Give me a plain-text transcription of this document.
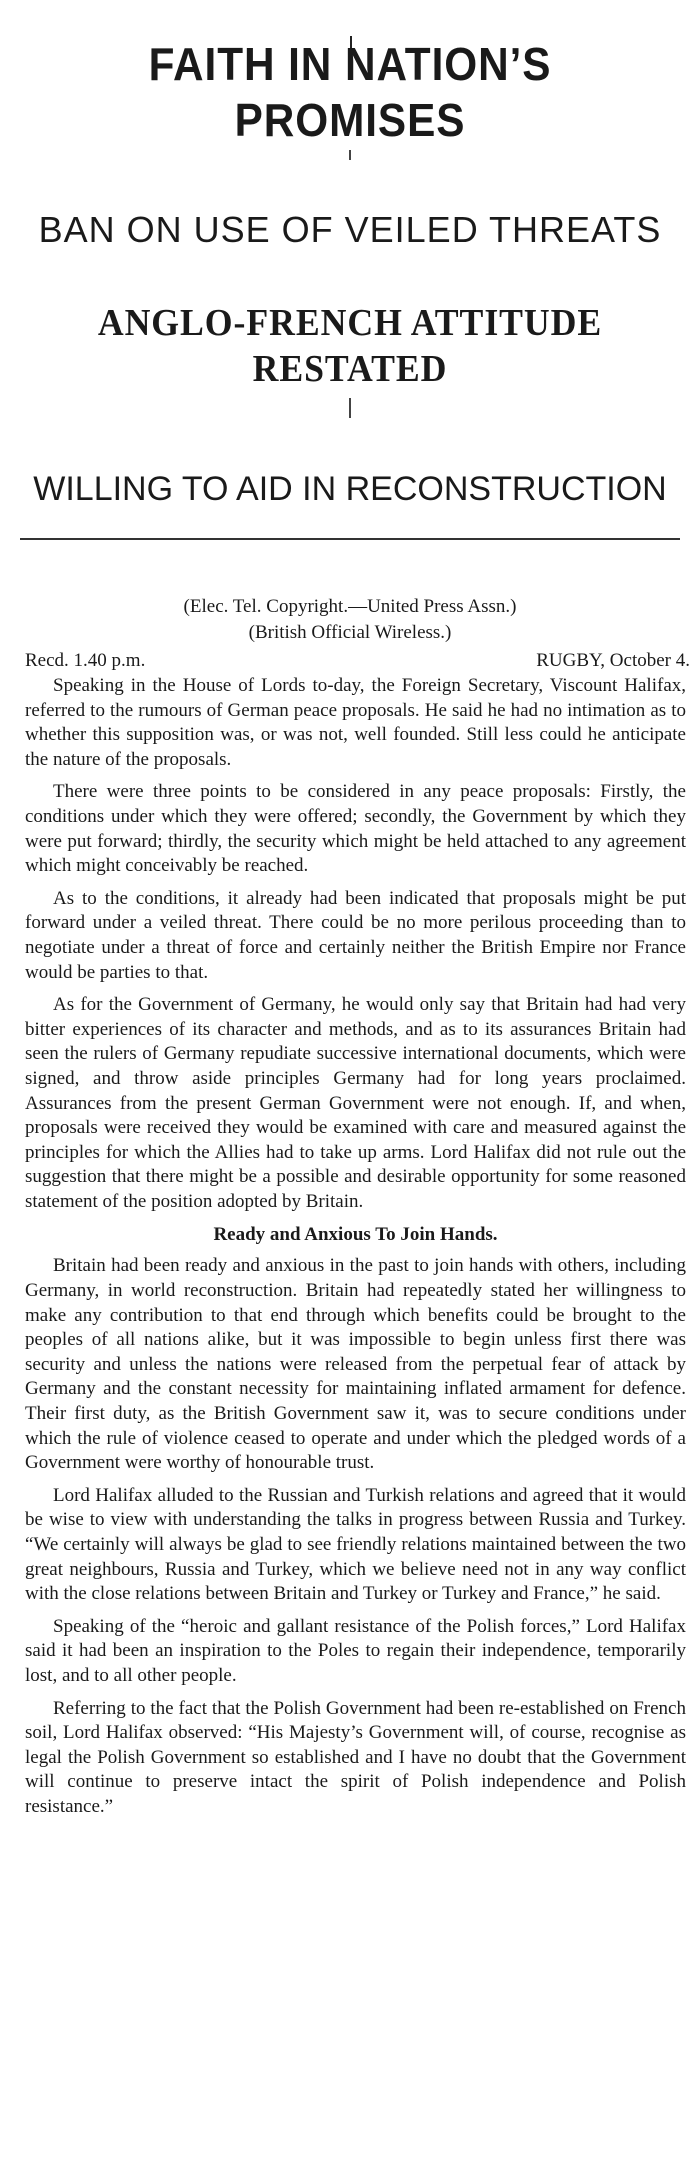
FAITH IN NATION’S PROMISES
BAN ON USE OF VEILED THREATS
ANGLO-FRENCH ATTITUDE RESTATED
WILLING TO AID IN RECONSTRUCTION
(Elec. Tel. Copyright.—United Press Assn.)
(British Official Wireless.)
Recd. 1.40 p.m.	RUGBY, October 4.

Speaking in the House of Lords to-day, the Foreign Secretary, Viscount Halifax, referred to the rumours of German peace proposals. He said he had no intimation as to whether this supposition was, or was not, well founded. Still less could he anticipate the nature of the proposals.

There were three points to be considered in any peace proposals: Firstly, the conditions under which they were offered; secondly, the Government by which they were put forward; thirdly, the security which might be held attached to any agreement which might conceivably be reached.

As to the conditions, it already had been indicated that proposals might be put forward under a veiled threat. There could be no more perilous proceeding than to negotiate under a threat of force and certainly neither the British Empire nor France would be parties to that.

As for the Government of Germany, he would only say that Britain had had very bitter experiences of its character and methods, and as to its assurances Britain had seen the rulers of Germany repudiate successive international documents, which were signed, and throw aside principles Germany had for long years proclaimed. Assurances from the present German Government were not enough. If, and when, proposals were received they would be examined with care and measured against the principles for which the Allies had to take up arms. Lord Halifax did not rule out the suggestion that there might be a possible and desirable opportunity for some reasoned statement of the position adopted by Britain.

Ready and Anxious To Join Hands.

Britain had been ready and anxious in the past to join hands with others, including Germany, in world reconstruction. Britain had repeatedly stated her willingness to make any contribution to that end through which benefits could be brought to the peoples of all nations alike, but it was impossible to begin unless first there was security and unless the nations were released from the perpetual fear of attack by Germany and the constant necessity for maintaining inflated armament for defence. Their first duty, as the British Government saw it, was to secure conditions under which the rule of violence ceased to operate and under which the pledged words of a Government were worthy of honourable trust.

Lord Halifax alluded to the Russian and Turkish relations and agreed that it would be wise to view with understanding the talks in progress between Russia and Turkey. “We certainly will always be glad to see friendly relations maintained between the two great neighbours, Russia and Turkey, which we believe need not in any way conflict with the close relations between Britain and Turkey or Turkey and France,” he said.

Speaking of the “heroic and gallant resistance of the Polish forces,” Lord Halifax said it had been an inspiration to the Poles to regain their independence, temporarily lost, and to all other people.

Referring to the fact that the Polish Government had been re-established on French soil, Lord Halifax observed: “His Majesty’s Government will, of course, recognise as legal the Polish Government so established and I have no doubt that the Government will continue to preserve intact the spirit of Polish independence and Polish resistance.”
